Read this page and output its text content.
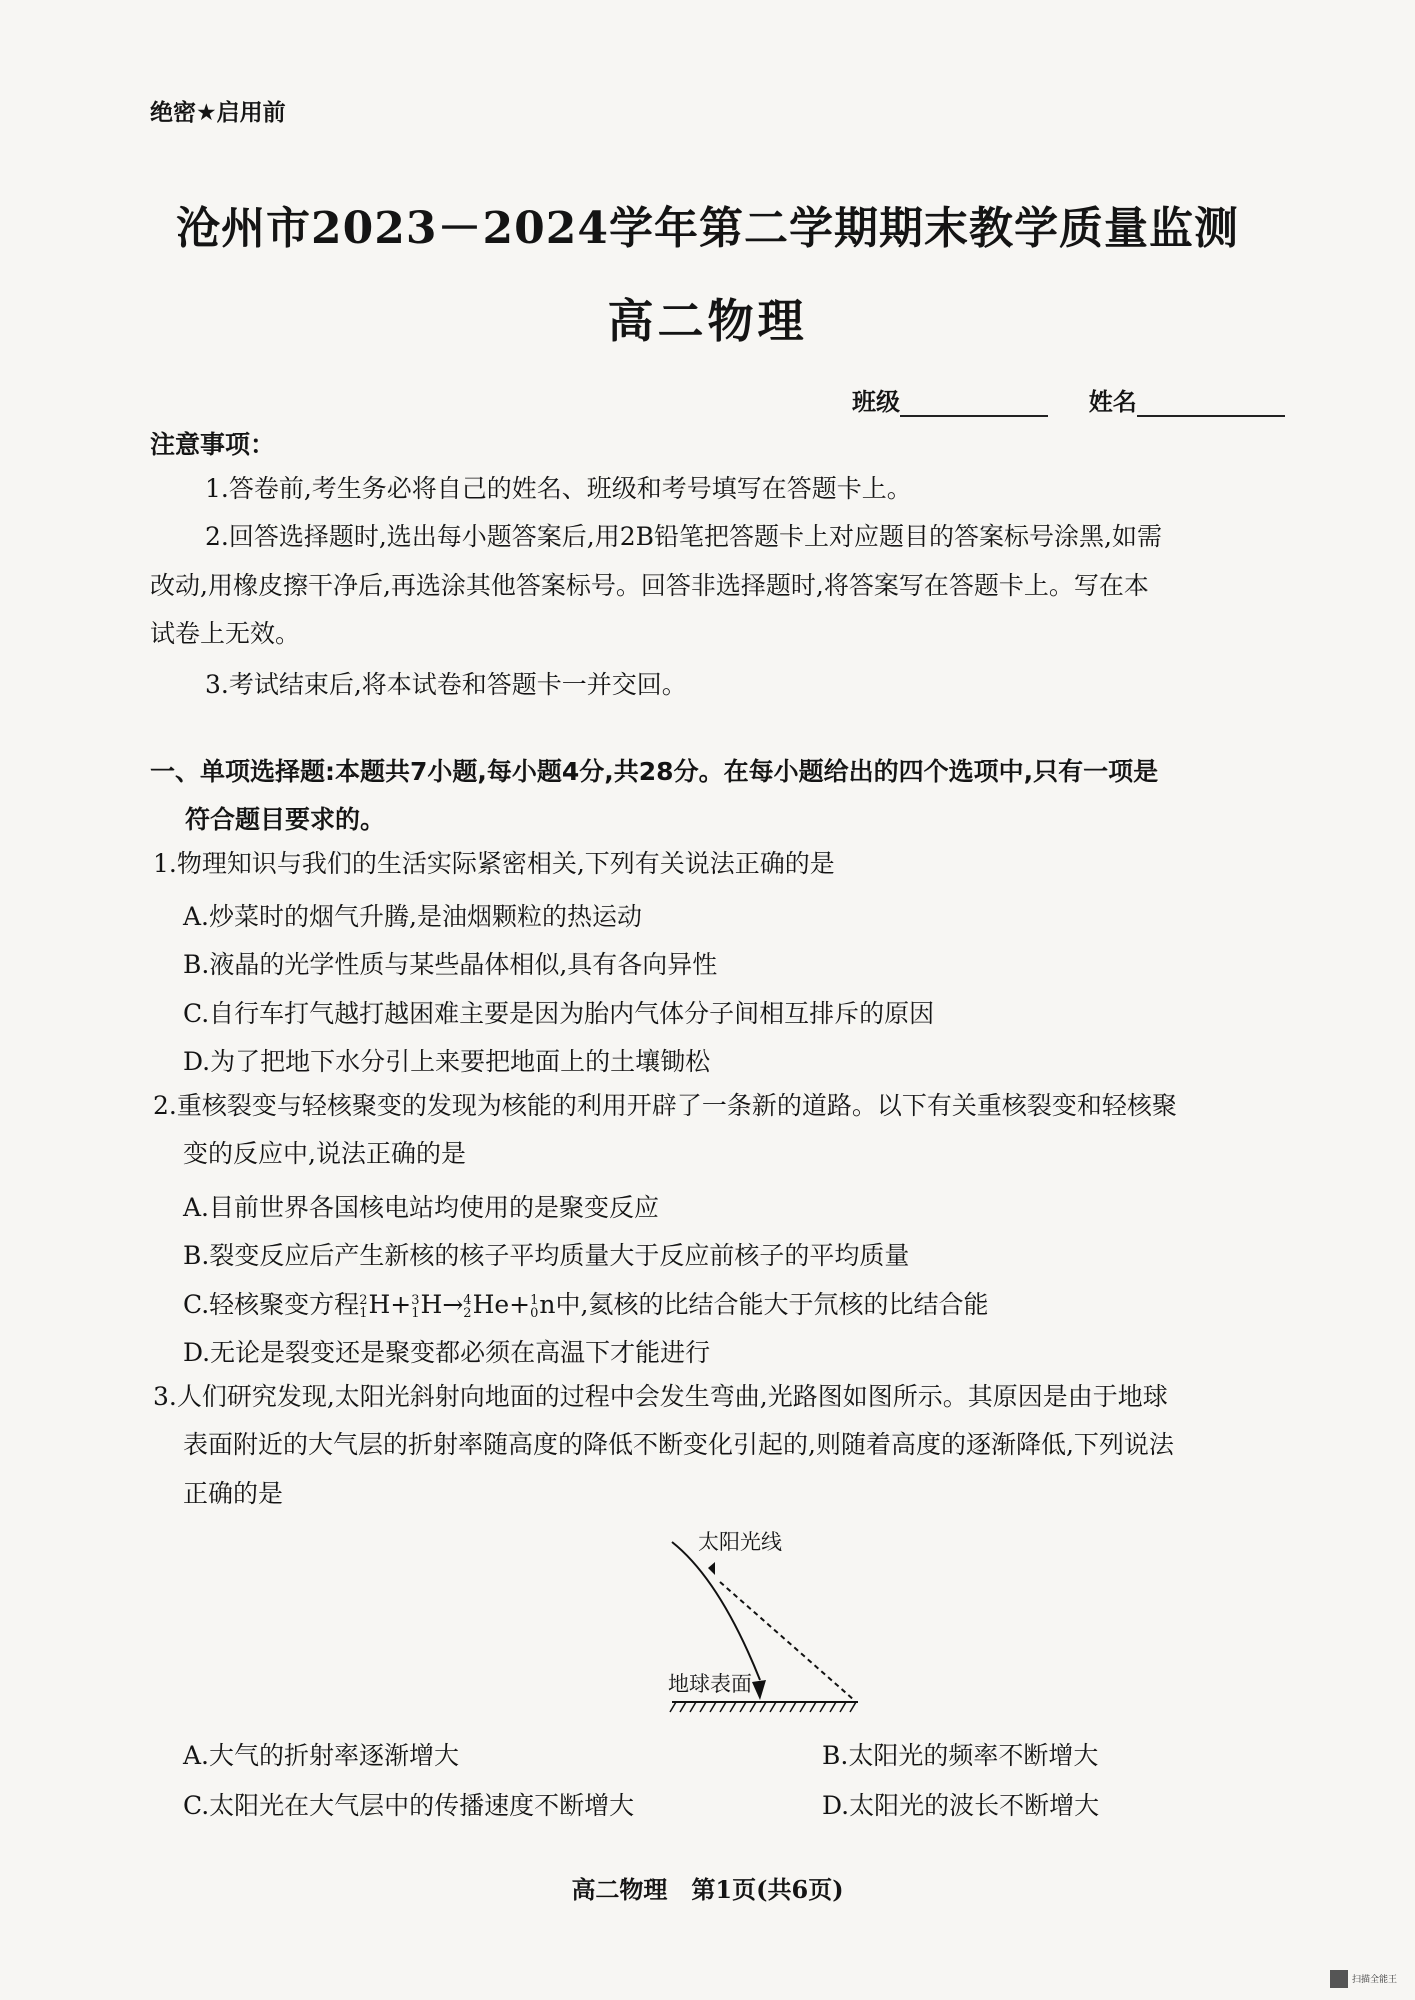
绝密★启用前
沧州市2023－2024学年第二学期期末教学质量监测
高二物理
班级	姓名
注意事项：
1.答卷前,考生务必将自己的姓名、班级和考号填写在答题卡上。
2.回答选择题时,选出每小题答案后,用2B铅笔把答题卡上对应题目的答案标号涂黑,如需
改动,用橡皮擦干净后,再选涂其他答案标号。回答非选择题时,将答案写在答题卡上。写在本
试卷上无效。
3.考试结束后,将本试卷和答题卡一并交回。
一、单项选择题:本题共7小题,每小题4分,共28分。在每小题给出的四个选项中,只有一项是
符合题目要求的。
1.物理知识与我们的生活实际紧密相关,下列有关说法正确的是
A.炒菜时的烟气升腾,是油烟颗粒的热运动
B.液晶的光学性质与某些晶体相似,具有各向异性
C.自行车打气越打越困难主要是因为胎内气体分子间相互排斥的原因
D.为了把地下水分引上来要把地面上的土壤锄松
2.重核裂变与轻核聚变的发现为核能的利用开辟了一条新的道路。以下有关重核裂变和轻核聚
变的反应中,说法正确的是
A.目前世界各国核电站均使用的是聚变反应
B.裂变反应后产生新核的核子平均质量大于反应前核子的平均质量
C.轻核聚变方程2
1H+3
1H→4
2He+1
0n中,氦核的比结合能大于氘核的比结合能
D.无论是裂变还是聚变都必须在高温下才能进行
3.人们研究发现,太阳光斜射向地面的过程中会发生弯曲,光路图如图所示。其原因是由于地球
表面附近的大气层的折射率随高度的降低不断变化引起的,则随着高度的逐渐降低,下列说法
正确的是
太阳光线
地球表面
A.大气的折射率逐渐增大	B.太阳光的频率不断增大
C.太阳光在大气层中的传播速度不断增大	D.太阳光的波长不断增大
高二物理　第1页(共6页)
扫描全能王
